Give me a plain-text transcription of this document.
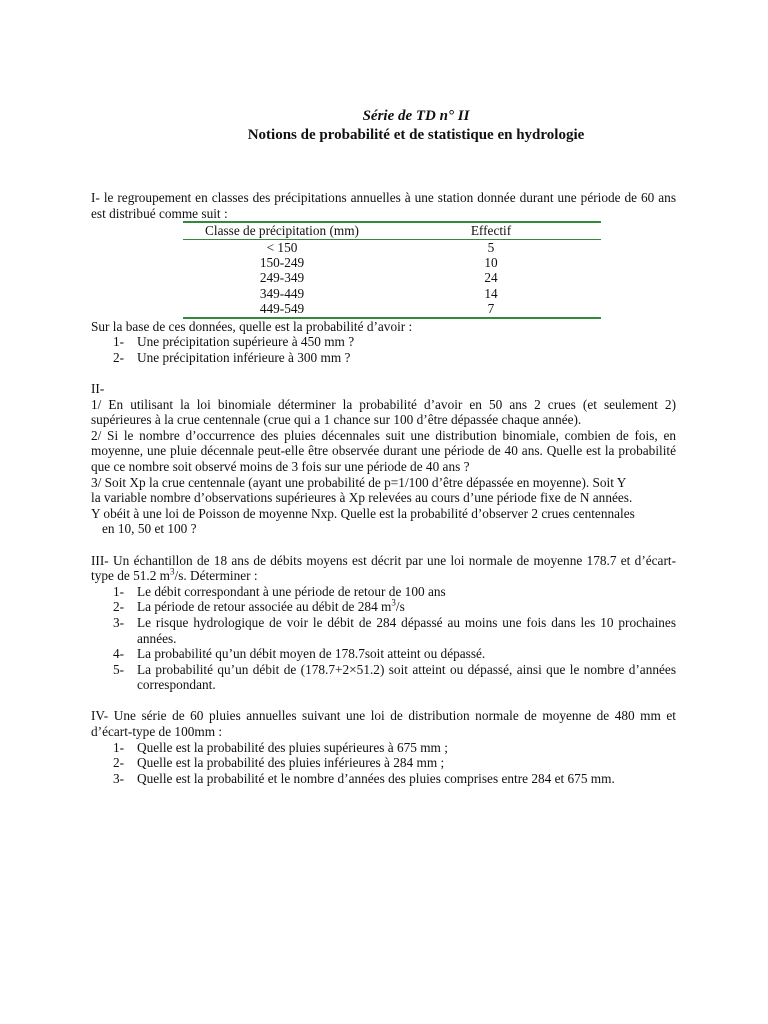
Série de TD n° II
Notions de probabilité et de statistique en hydrologie

I- le regroupement en classes des précipitations annuelles à une station donnée durant une période de 60 ans est distribué comme suit :

Classe de précipitation (mm)	Effectif
< 150	5
150-249	10
249-349	24
349-449	14
449-549	7

Sur la base de ces données, quelle est la probabilité d’avoir :

1- Une précipitation supérieure à 450 mm ?
2- Une précipitation inférieure à 300 mm ?

II-

1/ En utilisant la loi binomiale déterminer la probabilité d’avoir en 50 ans 2 crues (et seulement 2) supérieures à la crue centennale (crue qui a 1 chance sur 100 d’être dépassée chaque année).

2/ Si le nombre d’occurrence des pluies décennales suit une distribution binomiale, combien de fois, en moyenne, une pluie décennale peut-elle être observée durant une période de 40 ans. Quelle est la probabilité que ce nombre soit observé moins de 3 fois sur une période de 40 ans ?

3/ Soit Xp la crue centennale (ayant une probabilité de p=1/100 d’être dépassée en moyenne). Soit Y

la variable nombre d’observations supérieures à Xp relevées au cours d’une période fixe de N années.

Y obéit à une loi de Poisson de moyenne Nxp. Quelle est la probabilité d’observer 2 crues centennales

en 10, 50 et 100 ?

III- Un échantillon de 18 ans de débits moyens est décrit par une loi normale de moyenne 178.7 et d’écart-type de 51.2 $m^3/s$. Déterminer :

1- Le débit correspondant à une période de retour de 100 ans
2- La période de retour associée au débit de 284 $m^3/s$
3- Le risque hydrologique de voir le débit de 284 dépassé au moins une fois dans les 10 prochaines années.
4- La probabilité qu’un débit moyen de 178.7soit atteint ou dépassé.
5- La probabilité qu’un débit de (178.7+2×51.2) soit atteint ou dépassé, ainsi que le nombre d’années correspondant.

IV- Une série de 60 pluies annuelles suivant une loi de distribution normale de moyenne de 480 mm et d’écart-type de 100mm :

1- Quelle est la probabilité des pluies supérieures à 675 mm ;
2- Quelle est la probabilité des pluies inférieures à 284 mm ;
3- Quelle est la probabilité et le nombre d’années des pluies comprises entre 284 et 675 mm.
